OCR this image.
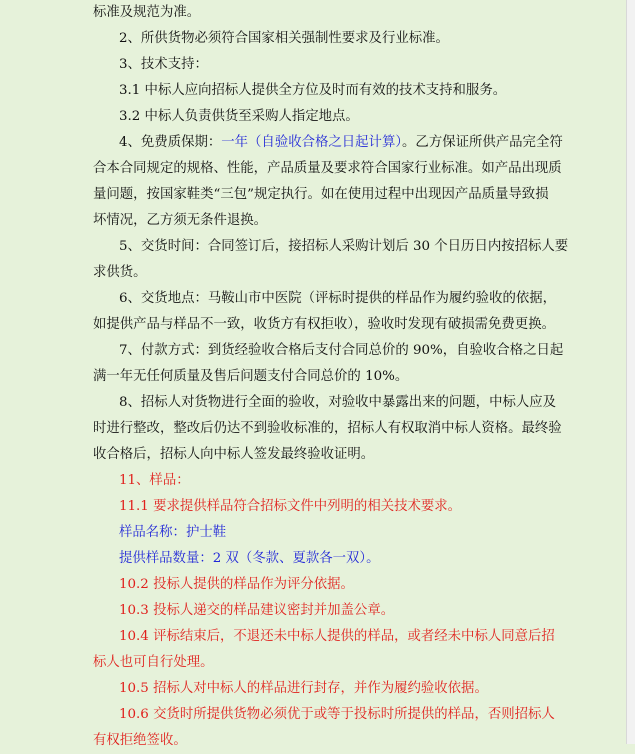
标准及规范为准。

2、所供货物必须符合国家相关强制性要求及行业标准。

3、技术支持：

3.1 中标人应向招标人提供全方位及时而有效的技术支持和服务。

3.2 中标人负责供货至采购人指定地点。

4、免费质保期：一年（自验收合格之日起计算）。乙方保证所供产品完全符

合本合同规定的规格、性能，产品质量及要求符合国家行业标准。如产品出现质

量问题，按国家鞋类“三包”规定执行。如在使用过程中出现因产品质量导致损

坏情况，乙方须无条件退换。

5、交货时间：合同签订后，接招标人采购计划后 30 个日历日内按招标人要

求供货。

6、交货地点：马鞍山市中医院（评标时提供的样品作为履约验收的依据，

如提供产品与样品不一致，收货方有权拒收），验收时发现有破损需免费更换。

7、付款方式：到货经验收合格后支付合同总价的 90%，自验收合格之日起

满一年无任何质量及售后问题支付合同总价的 10%。

8、招标人对货物进行全面的验收，对验收中暴露出来的问题，中标人应及

时进行整改，整改后仍达不到验收标准的，招标人有权取消中标人资格。最终验

收合格后，招标人向中标人签发最终验收证明。

11、样品：

11.1 要求提供样品符合招标文件中列明的相关技术要求。

样品名称：护士鞋

提供样品数量：2 双（冬款、夏款各一双）。

10.2 投标人提供的样品作为评分依据。

10.3 投标人递交的样品建议密封并加盖公章。

10.4 评标结束后，不退还未中标人提供的样品，或者经未中标人同意后招

标人也可自行处理。

10.5 招标人对中标人的样品进行封存，并作为履约验收依据。

10.6 交货时所提供货物必须优于或等于投标时所提供的样品，否则招标人

有权拒绝签收。
